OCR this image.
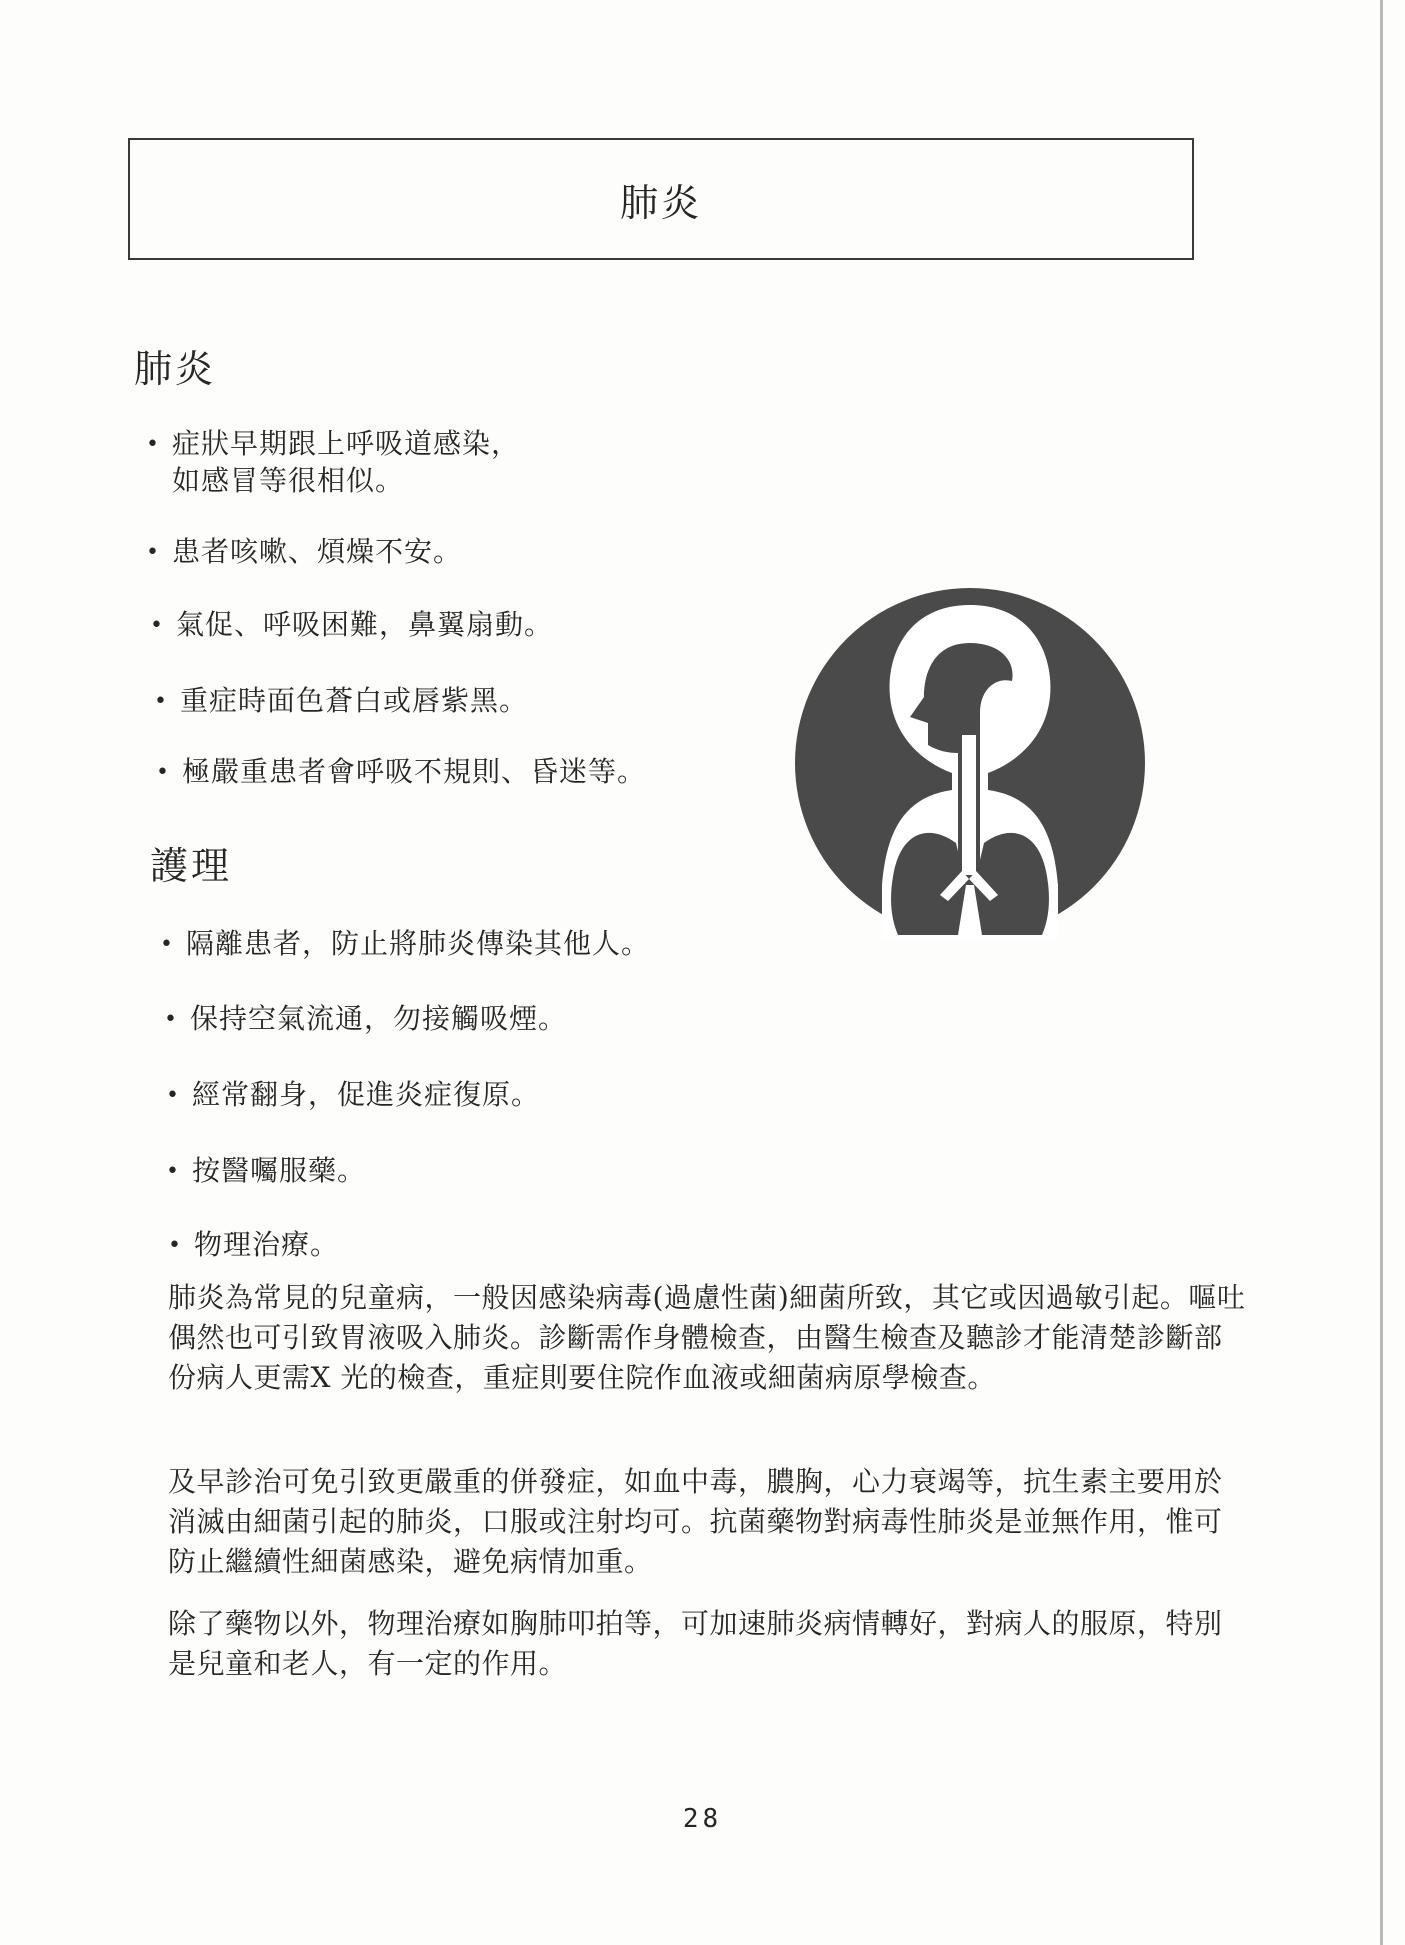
肺炎
肺炎
• 症狀早期跟上呼吸道感染，
如感冒等很相似。
• 患者咳嗽、煩燥不安。
• 氣促、呼吸困難，鼻翼扇動。
• 重症時面色蒼白或唇紫黑。
• 極嚴重患者會呼吸不規則、昏迷等。
護理
• 隔離患者，防止將肺炎傳染其他人。
• 保持空氣流通，勿接觸吸煙。
• 經常翻身，促進炎症復原。
• 按醫囑服藥。
• 物理治療。

肺炎為常見的兒童病，一般因感染病毒(過慮性菌)細菌所致，其它或因過敏引起。嘔吐偶然也可引致胃液吸入肺炎。診斷需作身體檢查，由醫生檢查及聽診才能清楚診斷部份病人更需X 光的檢查，重症則要住院作血液或細菌病原學檢查。

及早診治可免引致更嚴重的併發症，如血中毒，膿胸，心力衰竭等，抗生素主要用於消滅由細菌引起的肺炎，口服或注射均可。抗菌藥物對病毒性肺炎是並無作用，惟可防止繼續性細菌感染，避免病情加重。

除了藥物以外，物理治療如胸肺叩拍等，可加速肺炎病情轉好，對病人的服原，特別是兒童和老人，有一定的作用。

28
